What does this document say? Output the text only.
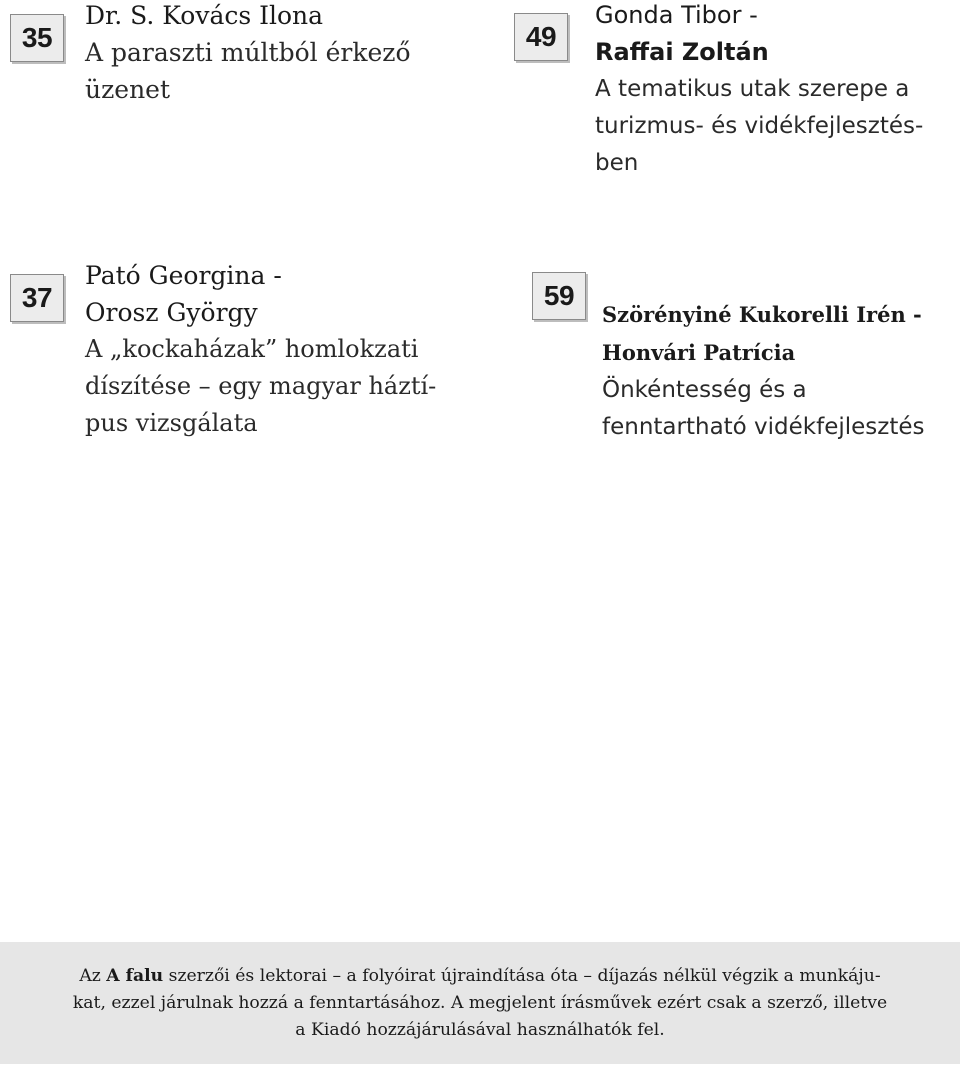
35
Dr. S. Kovács Ilona
A paraszti múltból érkező
üzenet
49
Gonda Tibor -
Raffai Zoltán
A tematikus utak szerepe a
turizmus- és vidékfejlesztés-
ben
37
Pató Georgina -
Orosz György
A „kockaházak” homlokzati
díszítése – egy magyar háztí-
pus vizsgálata
59
Szörényiné Kukorelli Irén -
Honvári Patrícia
Önkéntesség és a
fenntartható vidékfejlesztés
Az A falu szerzői és lektorai – a folyóirat újraindítása óta – díjazás nélkül végzik a munkáju-
kat, ezzel járulnak hozzá a fenntartásához. A megjelent írásművek ezért csak a szerző, illetve
a Kiadó hozzájárulásával használhatók fel.
